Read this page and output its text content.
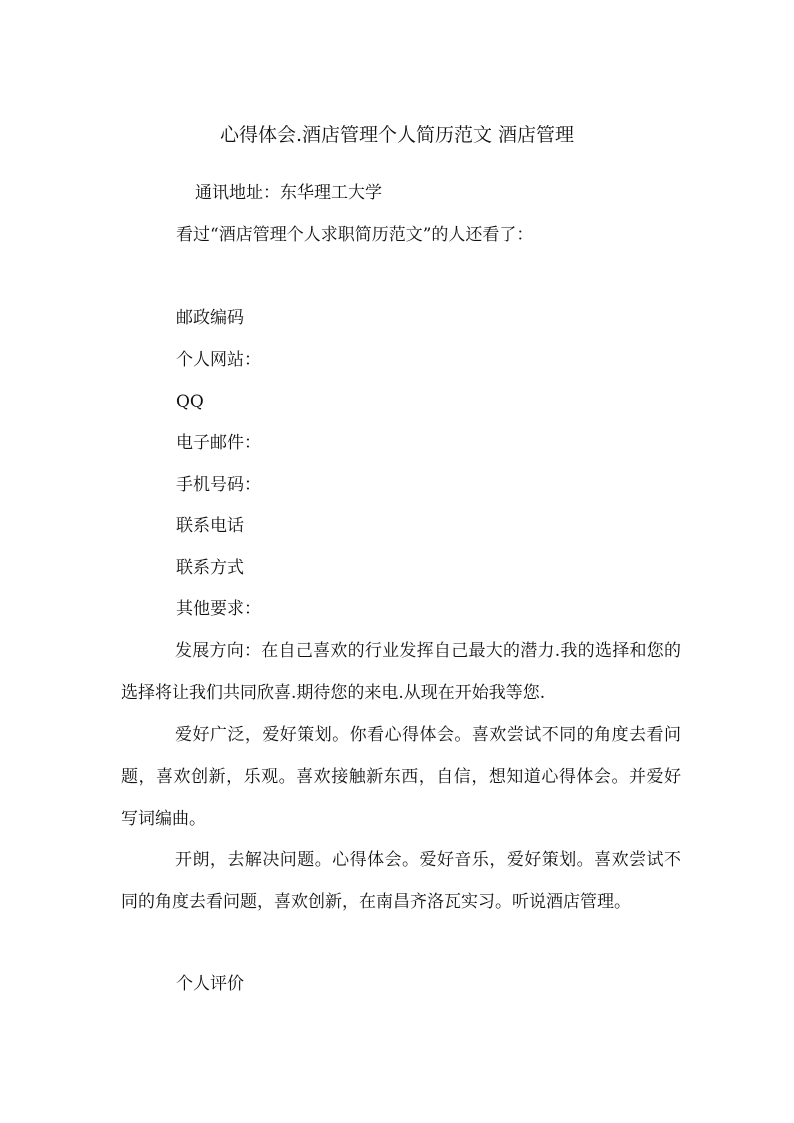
心得体会.酒店管理个人简历范文 酒店管理
通讯地址：东华理工大学
看过“酒店管理个人求职简历范文”的人还看了：
邮政编码
个人网站：
QQ
电子邮件：
手机号码：
联系电话
联系方式
其他要求：

发展方向：在自己喜欢的行业发挥自己最大的潜力.我的选择和您的选择将让我们共同欣喜.期待您的来电.从现在开始我等您.

爱好广泛，爱好策划。你看心得体会。喜欢尝试不同的角度去看问题，喜欢创新，乐观。喜欢接触新东西，自信，想知道心得体会。并爱好写词编曲。

开朗，去解决问题。心得体会。爱好音乐，爱好策划。喜欢尝试不同的角度去看问题，喜欢创新，在南昌齐洛瓦实习。听说酒店管理。

个人评价
